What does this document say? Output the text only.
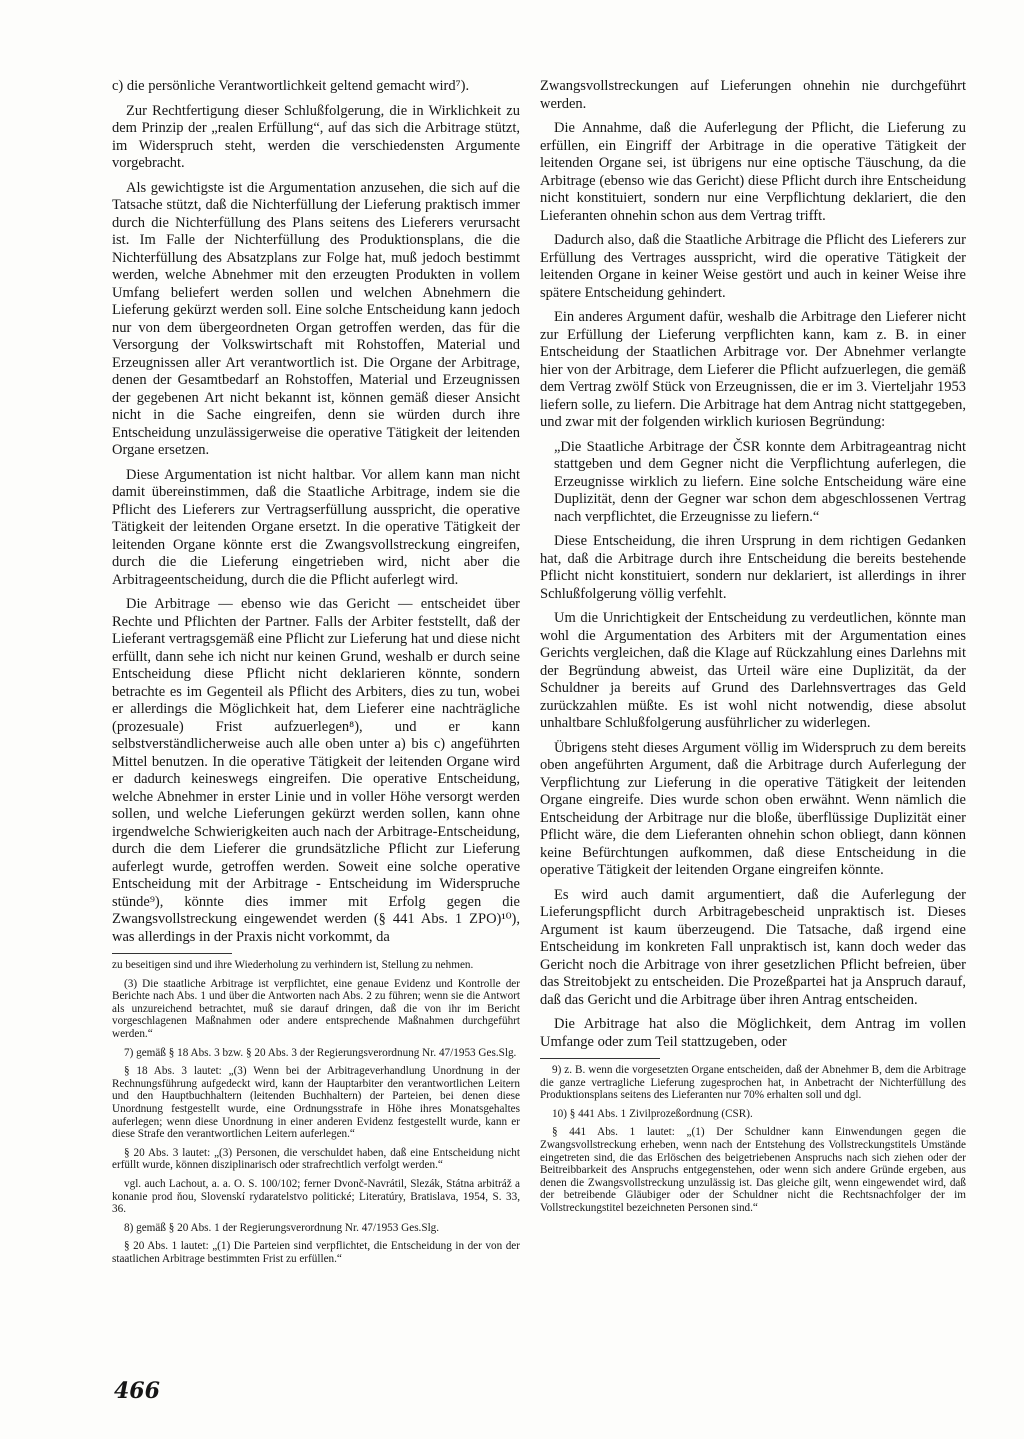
c) die persönliche Verantwortlichkeit geltend gemacht wird⁷).

Zur Rechtfertigung dieser Schlußfolgerung, die in Wirklichkeit zu dem Prinzip der „realen Erfüllung“, auf das sich die Arbitrage stützt, im Widerspruch steht, werden die verschiedensten Argumente vorgebracht.

Als gewichtigste ist die Argumentation anzusehen, die sich auf die Tatsache stützt, daß die Nichterfüllung der Lieferung praktisch immer durch die Nichterfüllung des Plans seitens des Lieferers verursacht ist. Im Falle der Nichterfüllung des Produktionsplans, die die Nichterfüllung des Absatzplans zur Folge hat, muß jedoch bestimmt werden, welche Abnehmer mit den erzeugten Produkten in vollem Umfang beliefert werden sollen und welchen Abnehmern die Lieferung gekürzt werden soll. Eine solche Entscheidung kann jedoch nur von dem übergeordneten Organ getroffen werden, das für die Versorgung der Volkswirtschaft mit Rohstoffen, Material und Erzeugnissen aller Art verantwortlich ist. Die Organe der Arbitrage, denen der Gesamtbedarf an Rohstoffen, Material und Erzeugnissen der gegebenen Art nicht bekannt ist, können gemäß dieser Ansicht nicht in die Sache eingreifen, denn sie würden durch ihre Entscheidung unzulässigerweise die operative Tätigkeit der leitenden Organe ersetzen.

Diese Argumentation ist nicht haltbar. Vor allem kann man nicht damit übereinstimmen, daß die Staatliche Arbitrage, indem sie die Pflicht des Lieferers zur Vertragserfüllung ausspricht, die operative Tätigkeit der leitenden Organe ersetzt. In die operative Tätigkeit der leitenden Organe könnte erst die Zwangsvollstreckung eingreifen, durch die die Lieferung eingetrieben wird, nicht aber die Arbitrageentscheidung, durch die die Pflicht auferlegt wird.

Die Arbitrage — ebenso wie das Gericht — entscheidet über Rechte und Pflichten der Partner. Falls der Arbiter feststellt, daß der Lieferant vertragsgemäß eine Pflicht zur Lieferung hat und diese nicht erfüllt, dann sehe ich nicht nur keinen Grund, weshalb er durch seine Entscheidung diese Pflicht nicht deklarieren könnte, sondern betrachte es im Gegenteil als Pflicht des Arbiters, dies zu tun, wobei er allerdings die Möglichkeit hat, dem Lieferer eine nachträgliche (prozesuale) Frist aufzuerlegen⁸), und er kann selbstverständlicherweise auch alle oben unter a) bis c) angeführten Mittel benutzen. In die operative Tätigkeit der leitenden Organe wird er dadurch keineswegs eingreifen. Die operative Entscheidung, welche Abnehmer in erster Linie und in voller Höhe versorgt werden sollen, und welche Lieferungen gekürzt werden sollen, kann ohne irgendwelche Schwierigkeiten auch nach der Arbitrage-Entscheidung, durch die dem Lieferer die grundsätzliche Pflicht zur Lieferung auferlegt wurde, getroffen werden. Soweit eine solche operative Entscheidung mit der Arbitrage - Entscheidung im Widerspruche stünde⁹), könnte dies immer mit Erfolg gegen die Zwangsvollstreckung eingewendet werden (§ 441 Abs. 1 ZPO)¹⁰), was allerdings in der Praxis nicht vorkommt, da

zu beseitigen sind und ihre Wiederholung zu verhindern ist, Stellung zu nehmen.

(3) Die staatliche Arbitrage ist verpflichtet, eine genaue Evidenz und Kontrolle der Berichte nach Abs. 1 und über die Antworten nach Abs. 2 zu führen; wenn sie die Antwort als unzureichend betrachtet, muß sie darauf dringen, daß die von ihr im Bericht vorgeschlagenen Maßnahmen oder andere entsprechende Maßnahmen durchgeführt werden.“

7) gemäß § 18 Abs. 3 bzw. § 20 Abs. 3 der Regierungsverordnung Nr. 47/1953 Ges.Slg.

§ 18 Abs. 3 lautet: „(3) Wenn bei der Arbitrageverhandlung Unordnung in der Rechnungsführung aufgedeckt wird, kann der Hauptarbiter den verantwortlichen Leitern und den Hauptbuchhaltern (leitenden Buchhaltern) der Parteien, bei denen diese Unordnung festgestellt wurde, eine Ordnungsstrafe in Höhe ihres Monatsgehaltes auferlegen; wenn diese Unordnung in einer anderen Evidenz festgestellt wurde, kann er diese Strafe den verantwortlichen Leitern auferlegen.“

§ 20 Abs. 3 lautet: „(3) Personen, die verschuldet haben, daß eine Entscheidung nicht erfüllt wurde, können disziplinarisch oder strafrechtlich verfolgt werden.“

vgl. auch Lachout, a. a. O. S. 100/102; ferner Dvonč-Navrátil, Slezák, Státna arbitráž a konanie prod ňou, Slovenskí rydaratelstvo politické; Literatúry, Bratislava, 1954, S. 33, 36.

8) gemäß § 20 Abs. 1 der Regierungsverordnung Nr. 47/1953 Ges.Slg.

§ 20 Abs. 1 lautet: „(1) Die Parteien sind verpflichtet, die Entscheidung in der von der staatlichen Arbitrage bestimmten Frist zu erfüllen.“

Zwangsvollstreckungen auf Lieferungen ohnehin nie durchgeführt werden.

Die Annahme, daß die Auferlegung der Pflicht, die Lieferung zu erfüllen, ein Eingriff der Arbitrage in die operative Tätigkeit der leitenden Organe sei, ist übrigens nur eine optische Täuschung, da die Arbitrage (ebenso wie das Gericht) diese Pflicht durch ihre Entscheidung nicht konstituiert, sondern nur eine Verpflichtung deklariert, die den Lieferanten ohnehin schon aus dem Vertrag trifft.

Dadurch also, daß die Staatliche Arbitrage die Pflicht des Lieferers zur Erfüllung des Vertrages ausspricht, wird die operative Tätigkeit der leitenden Organe in keiner Weise gestört und auch in keiner Weise ihre spätere Entscheidung gehindert.

Ein anderes Argument dafür, weshalb die Arbitrage den Lieferer nicht zur Erfüllung der Lieferung verpflichten kann, kam z. B. in einer Entscheidung der Staatlichen Arbitrage vor. Der Abnehmer verlangte hier von der Arbitrage, dem Lieferer die Pflicht aufzuerlegen, die gemäß dem Vertrag zwölf Stück von Erzeugnissen, die er im 3. Vierteljahr 1953 liefern solle, zu liefern. Die Arbitrage hat dem Antrag nicht stattgegeben, und zwar mit der folgenden wirklich kuriosen Begründung:

„Die Staatliche Arbitrage der ČSR konnte dem Arbitrageantrag nicht stattgeben und dem Gegner nicht die Verpflichtung auferlegen, die Erzeugnisse wirklich zu liefern. Eine solche Entscheidung wäre eine Duplizität, denn der Gegner war schon dem abgeschlossenen Vertrag nach verpflichtet, die Erzeugnisse zu liefern.“

Diese Entscheidung, die ihren Ursprung in dem richtigen Gedanken hat, daß die Arbitrage durch ihre Entscheidung die bereits bestehende Pflicht nicht konstituiert, sondern nur deklariert, ist allerdings in ihrer Schlußfolgerung völlig verfehlt.

Um die Unrichtigkeit der Entscheidung zu verdeutlichen, könnte man wohl die Argumentation des Arbiters mit der Argumentation eines Gerichts vergleichen, daß die Klage auf Rückzahlung eines Darlehns mit der Begründung abweist, das Urteil wäre eine Duplizität, da der Schuldner ja bereits auf Grund des Darlehnsvertrages das Geld zurückzahlen müßte. Es ist wohl nicht notwendig, diese absolut unhaltbare Schlußfolgerung ausführlicher zu widerlegen.

Übrigens steht dieses Argument völlig im Widerspruch zu dem bereits oben angeführten Argument, daß die Arbitrage durch Auferlegung der Verpflichtung zur Lieferung in die operative Tätigkeit der leitenden Organe eingreife. Dies wurde schon oben erwähnt. Wenn nämlich die Entscheidung der Arbitrage nur die bloße, überflüssige Duplizität einer Pflicht wäre, die dem Lieferanten ohnehin schon obliegt, dann können keine Befürchtungen aufkommen, daß diese Entscheidung in die operative Tätigkeit der leitenden Organe eingreifen könnte.

Es wird auch damit argumentiert, daß die Auferlegung der Lieferungspflicht durch Arbitragebescheid unpraktisch ist. Dieses Argument ist kaum überzeugend. Die Tatsache, daß irgend eine Entscheidung im konkreten Fall unpraktisch ist, kann doch weder das Gericht noch die Arbitrage von ihrer gesetzlichen Pflicht befreien, über das Streitobjekt zu entscheiden. Die Prozeßpartei hat ja Anspruch darauf, daß das Gericht und die Arbitrage über ihren Antrag entscheiden.

Die Arbitrage hat also die Möglichkeit, dem Antrag im vollen Umfange oder zum Teil stattzugeben, oder

9) z. B. wenn die vorgesetzten Organe entscheiden, daß der Abnehmer B, dem die Arbitrage die ganze vertragliche Lieferung zugesprochen hat, in Anbetracht der Nichterfüllung des Produktionsplans seitens des Lieferanten nur 70% erhalten soll und dgl.

10) § 441 Abs. 1 Zivilprozeßordnung (CSR).

§ 441 Abs. 1 lautet: „(1) Der Schuldner kann Einwendungen gegen die Zwangsvollstreckung erheben, wenn nach der Entstehung des Vollstreckungstitels Umstände eingetreten sind, die das Erlöschen des beigetriebenen Anspruchs nach sich ziehen oder der Beitreibbarkeit des Anspruchs entgegenstehen, oder wenn sich andere Gründe ergeben, aus denen die Zwangsvollstreckung unzulässig ist. Das gleiche gilt, wenn eingewendet wird, daß der betreibende Gläubiger oder der Schuldner nicht die Rechtsnachfolger der im Vollstreckungstitel bezeichneten Personen sind.“

466
